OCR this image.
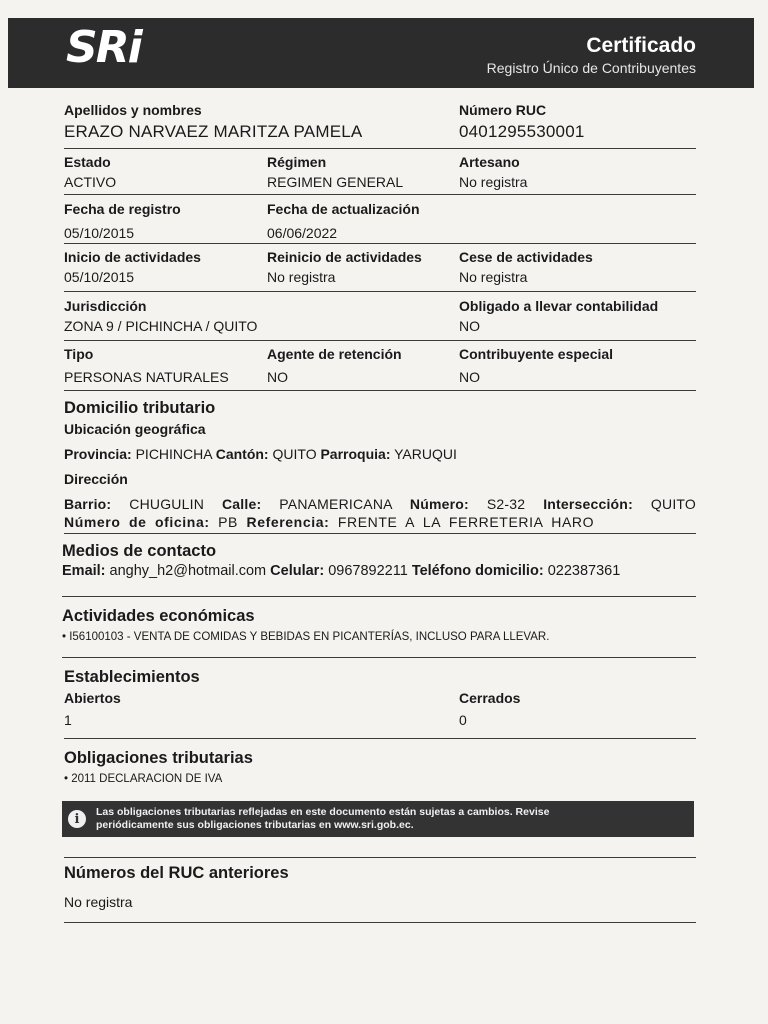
SRi	Certificado
Registro Único de Contribuyentes
Apellidos y nombres
ERAZO NARVAEZ MARITZA PAMELA
Número RUC
0401295530001
Estado
ACTIVO
Régimen
REGIMEN GENERAL
Artesano
No registra
Fecha de registro
05/10/2015
Fecha de actualización
06/06/2022
Inicio de actividades
05/10/2015
Reinicio de actividades
No registra
Cese de actividades
No registra
Jurisdicción
ZONA 9 / PICHINCHA / QUITO
Obligado a llevar contabilidad
NO
Tipo
PERSONAS NATURALES
Agente de retención
NO
Contribuyente especial
NO
Domicilio tributario
Ubicación geográfica
Provincia: PICHINCHA Cantón: QUITO Parroquia: YARUQUI
Dirección
Barrio: CHUGULIN Calle: PANAMERICANA Número: S2-32 Intersección: QUITO
Número de oficina: PB Referencia: FRENTE A LA FERRETERIA HARO
Medios de contacto
Email: anghy_h2@hotmail.com Celular: 0967892211 Teléfono domicilio: 022387361
Actividades económicas
• I56100103 - VENTA DE COMIDAS Y BEBIDAS EN PICANTERÍAS, INCLUSO PARA LLEVAR.
Establecimientos
Abiertos
1
Cerrados
0
Obligaciones tributarias
• 2011 DECLARACION DE IVA
i	Las obligaciones tributarias reflejadas en este documento están sujetas a cambios. Revise
periódicamente sus obligaciones tributarias en www.sri.gob.ec.
Números del RUC anteriores
No registra
